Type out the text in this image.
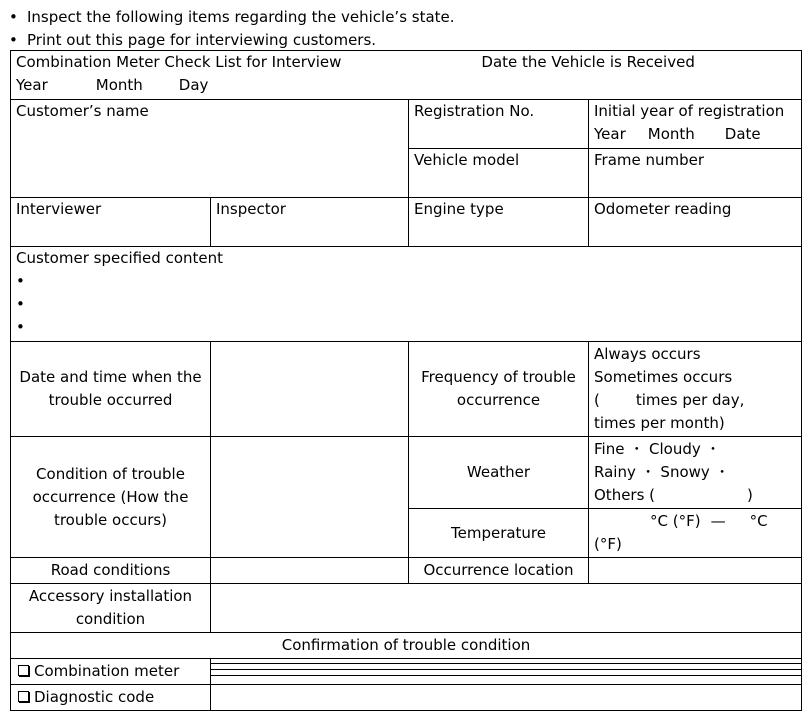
• Inspect the following items regarding the vehicle’s state.
• Print out this page for interviewing customers.
Combination Meter Check List for Interview Date the Vehicle is Received
Year Month Day			
Customer’s name		Registration No.	Initial year of registration
Year Month Date
		Vehicle model	Frame number
Interviewer	Inspector	Engine type	Odometer reading
Customer specified content
•
•
•			
Date and time when the trouble occurred		Frequency of trouble occurrence	Always occurs
Sometimes occurs
( times per day,
times per month)
Condition of trouble occurrence (How the trouble occurs)		Weather	Fine ・ Cloudy ・
Rainy ・ Snowy ・
Others ( )
		Temperature	°C (°F) — °C
(°F)
Road conditions		Occurrence location	
Accessory installation condition			
Confirmation of trouble condition			
Combination meter			

Diagnostic code			
